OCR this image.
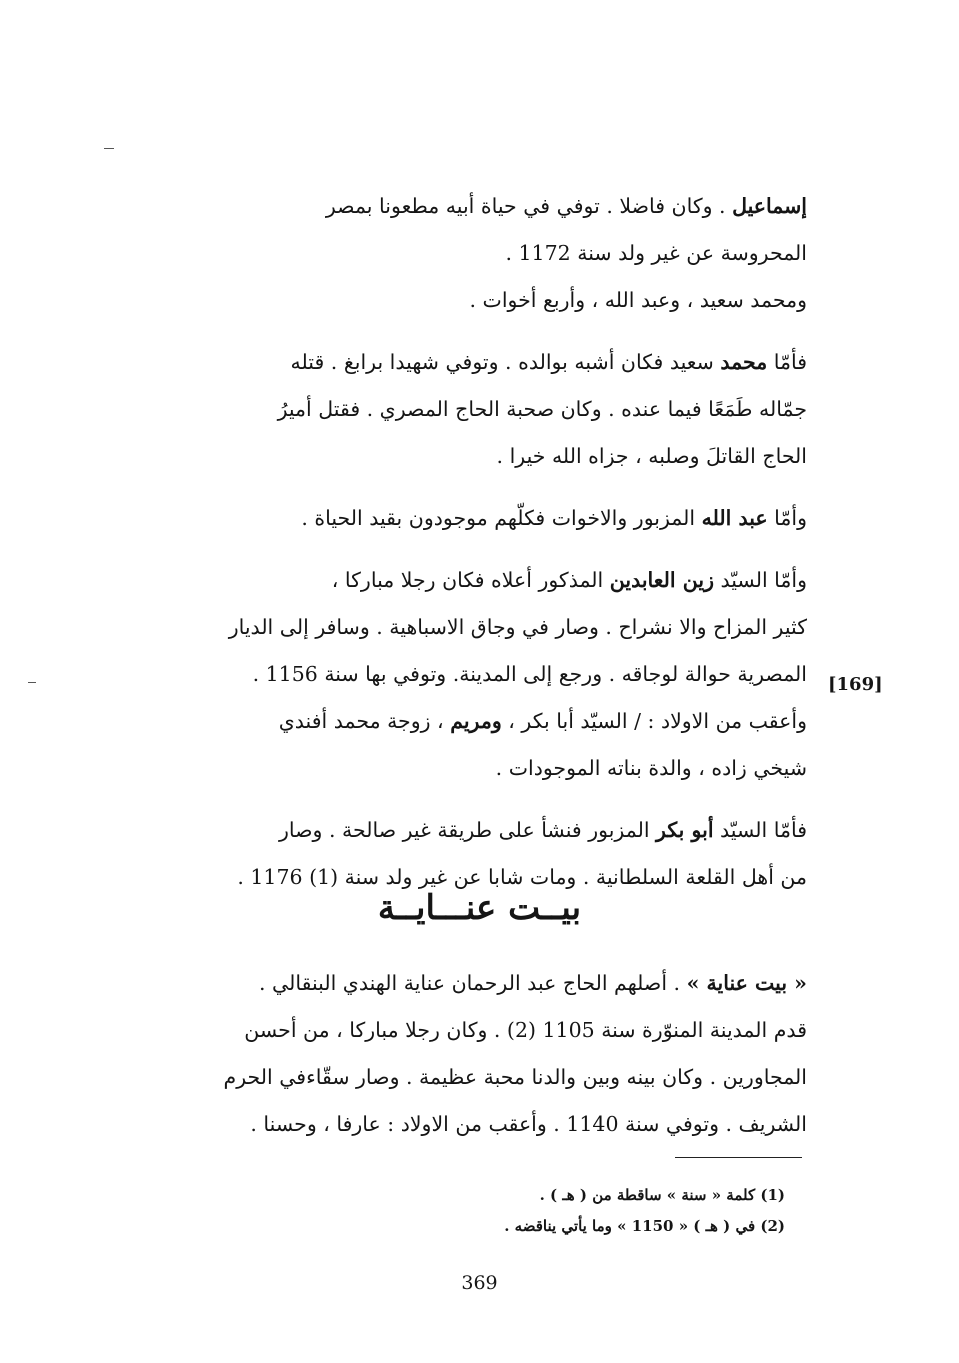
إسماعيل . وكان فاضلا . توفي في حياة أبيه مطعونا بمصر

المحروسة عن غير ولد سنة 1172 .

ومحمد سعيد ، وعبد الله ، وأربع أخوات .

فأمّا محمد سعيد فكان أشبه بوالده . وتوفي شهيدا برابغ . قتله

جمّاله طَمَعًا فيما عنده . وكان صحبة الحاج المصري . فقتل أميرُ

الحاج القاتلَ وصلبه ، جزاه الله خيرا .

وأمّا عبد الله المزبور والاخوات فكلّهم موجودون بقيد الحياة .

وأمّا السيّد زين العابدين المذكور أعلاه فكان رجلا مباركا ،

كثير المزاح والا نشراح . وصار في وجاق الاسباهية . وسافر إلى الديار

المصرية حوالة لوجاقه . ورجع إلى المدينة. وتوفي بها سنة 1156 .

وأعقب من الاولاد : / السيّد أبا بكر ، ومريم ، زوجة محمد أفندي

شيخي زاده ، والدة بناته الموجودات .

فأمّا السيّد أبو بكر المزبور فنشأ على طريقة غير صالحة . وصار

من أهل القلعة السلطانية . ومات شابا عن غير ولد سنة (1) 1176 .

[169]
بيــت عنـــايــة

« بيت عناية » . أصلهم الحاج عبد الرحمان عناية الهندي البنقالي .

قدم المدينة المنوّرة سنة 1105 (2) . وكان رجلا مباركا ، من أحسن

المجاورين . وكان بينه وبين والدنا محبة عظيمة . وصار سقّاءفي الحرم

الشريف . وتوفي سنة 1140 . وأعقب من الاولاد : عارفا ، وحسنا .

(1) كلمة « سنة » ساقطة من ( هـ ) .
(2) في ( هـ ) « 1150 » وما يأتي يناقضه .
369
